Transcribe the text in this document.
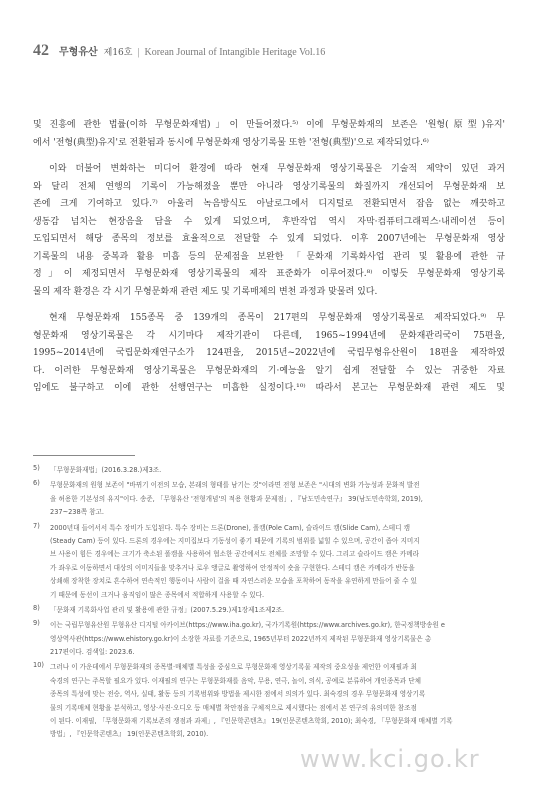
42 무형유산 제16호 | Korean Journal of Intangible Heritage Vol.16
및 진흥에 관한 법률(이하 무형문화재법)」이 만들어졌다.⁵⁾ 이에 무형문화재의 보존은 '원형(原型)유지'
에서 '전형(典型)유지'로 전환됨과 동시에 무형문화재 영상기록물 또한 '전형(典型)'으로 제작되었다.⁶⁾
이와 더불어 변화하는 미디어 환경에 따라 현재 무형문화재 영상기록물은 기술적 제약이 있던 과거
와 달리 전체 연행의 기록이 가능해졌을 뿐만 아니라 영상기록물의 화질까지 개선되어 무형문화재 보
존에 크게 기여하고 있다.⁷⁾ 아울러 녹음방식도 아날로그에서 디지털로 전환되면서 잡음 없는 깨끗하고
생동감 넘치는 현장음을 담을 수 있게 되었으며, 후반작업 역시 자막·컴퓨터그래픽스·내레이션 등이
도입되면서 해당 종목의 정보를 효율적으로 전달할 수 있게 되었다. 이후 2007년에는 무형문화재 영상
기록물의 내용 중복과 활용 미흡 등의 문제점을 보완한 「문화재 기록화사업 관리 및 활용에 관한 규
정」이 제정되면서 무형문화재 영상기록물의 제작 표준화가 이루어졌다.⁸⁾ 이렇듯 무형문화재 영상기록
물의 제작 환경은 각 시기 무형문화재 관련 제도 및 기록매체의 변천 과정과 맞물려 있다.
현재 무형문화재 155종목 중 139개의 종목이 217편의 무형문화재 영상기록물로 제작되었다.⁹⁾ 무
형문화재 영상기록물은 각 시기마다 제작기관이 다른데, 1965~1994년에 문화재관리국이 75편을,
1995~2014년에 국립문화재연구소가 124편을, 2015년~2022년에 국립무형유산원이 18편을 제작하였
다. 이러한 무형문화재 영상기록물은 무형문화재의 기·예능을 알기 쉽게 전달할 수 있는 귀중한 자료
임에도 불구하고 이에 관한 선행연구는 미흡한 실정이다.¹⁰⁾ 따라서 본고는 무형문화재 관련 제도 및
5)	「무형문화재법」(2016.3.28.)제3조.
6)	무형문화재의 원형 보존이 "바뀌기 이전의 모습, 본래의 형태를 남기는 것"이라면 전형 보존은 "시대의 변화 가능성과 문화적 발전
을 허용한 기본성의 유지"이다. 송준, 「무형유산 '전형개념'의 적용 현황과 문제점」, 『남도민속연구』 39(남도민속학회, 2019),
237~238쪽 참고.
7)	2000년대 들어서서 특수 장비가 도입된다. 특수 장비는 드론(Drone), 폴캠(Pole Cam), 슬라이드 캠(Slide Cam), 스테디 캠
(Steady Cam) 등이 있다. 드론의 경우에는 지미집보다 기동성이 좋기 때문에 기록의 범위를 넓힐 수 있으며, 공간이 좁아 지미지
브 사용이 힘든 경우에는 크기가 축소된 폴캠을 사용하여 협소한 공간에서도 전체를 조망할 수 있다. 그리고 슬라이드 캠은 카메라
가 좌우로 이동하면서 대상의 이미지들을 맞추거나 로우 앵글로 촬영하여 안정적이 숏을 구현한다. 스테디 캠은 카메라가 반동을
상쇄해 장착한 장치로 흔수하여 연속적인 행동이나 사람이 걸을 때 자연스러운 모습을 포착하여 동작을 유연하게 만들어 줄 수 있
기 때문에 동선이 크거나 움직임이 많은 종목에서 적합하게 사용할 수 있다.
8)	「문화재 기록화사업 관리 및 활용에 관한 규정」(2007.5.29.)제1장제1조제2조.
9)	이는 국립무형유산원 무형유산 디지털 아카이브(https://www.iha.go.kr), 국가기록원(https://www.archives.go.kr), 한국정책방송원 e
영상역사관(https://www.ehistory.go.kr)이 소장한 자료를 기준으로, 1965년부터 2022년까지 제작된 무형문화재 영상기록물은 총
217편이다. 검색일: 2023.6.
10) 그러나 이 가운데에서 무형문화재의 종목별·매체별 특성을 중심으로 무형문화재 영상기록물 제작의 중요성을 제언한 이재필과 최
숙경의 연구는 주목할 필요가 있다. 이재필의 연구는 무형문화재를 음악, 무용, 연극, 놀이, 의식, 공예로 분류하여 개인종목과 단체
종목의 특성에 맞는 전승, 역사, 실태, 활동 등의 기록범위와 방법을 제시한 점에서 의의가 있다. 최숙경의 경우 무형문화재 영상기록
물의 기록매체 현황을 분석하고, 영상·사진·오디오 등 매체별 착안점을 구체적으로 제시했다는 점에서 본 연구의 유의미한 참조점
이 된다. 이재필, 「무형문화재 기록보존의 쟁점과 과제」, 『인문학콘텐츠』 19(인문콘텐츠학회, 2010); 최숙경, 「무형문화재 매체별 기록
방법」, 『인문학콘텐츠』 19(인문콘텐츠학회, 2010).
www.kci.go.kr
